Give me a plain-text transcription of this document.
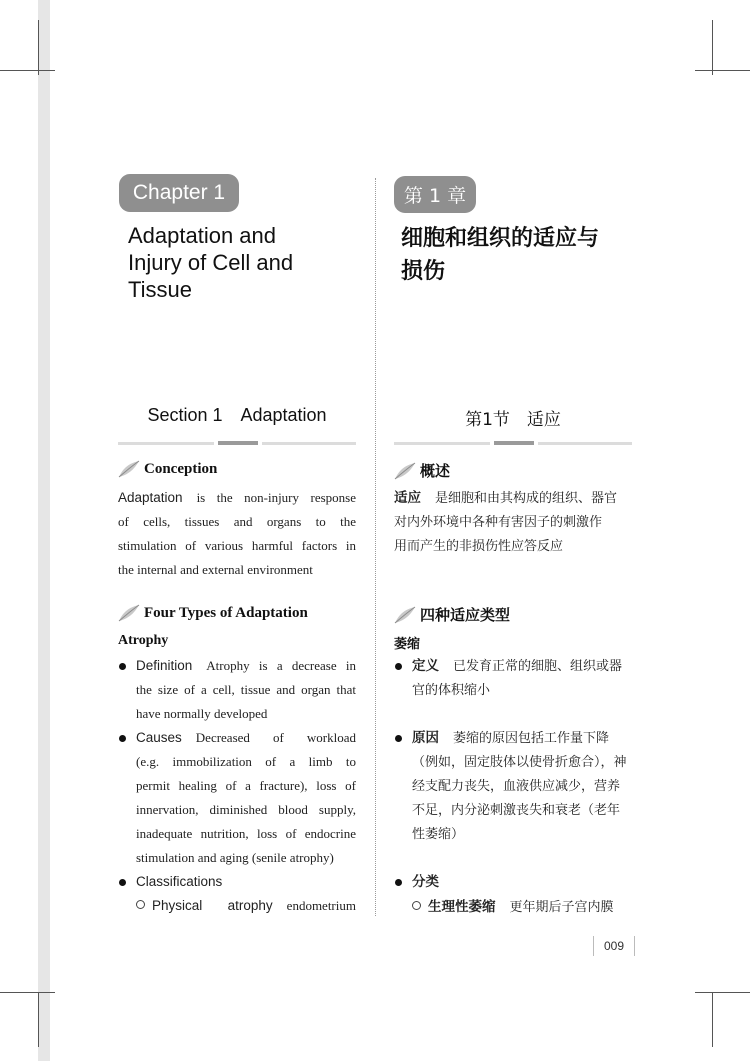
Chapter 1	第 1 章
Adaptation and
Injury of Cell and
Tissue
细胞和组织的适应与
损伤
Section 1 Adaptation	第1节 适应
Conception	概述
Adaptation is the non-injury response
of cells, tissues and organs to the
stimulation of various harmful factors in
the internal and external environment
适应 是细胞和由其构成的组织、器官
对内外环境中各种有害因子的刺激作
用而产生的非损伤性应答反应
Four Types of Adaptation	四种适应类型
Atrophy	萎缩
Definition Atrophy is a decrease in
the size of a cell, tissue and organ that
have normally developed
定义 已发育正常的细胞、组织或器
官的体积缩小
Causes Decreased of workload
(e.g. immobilization of a limb to
permit healing of a fracture), loss of
innervation, diminished blood supply,
inadequate nutrition, loss of endocrine
stimulation and aging (senile atrophy)
原因 萎缩的原因包括工作量下降
（例如，固定肢体以使骨折愈合），神
经支配力丧失，血液供应减少，营养
不足，内分泌刺激丧失和衰老（老年
性萎缩）
Classifications
Physical atrophy endometrium
分类
生理性萎缩 更年期后子宫内膜
009
